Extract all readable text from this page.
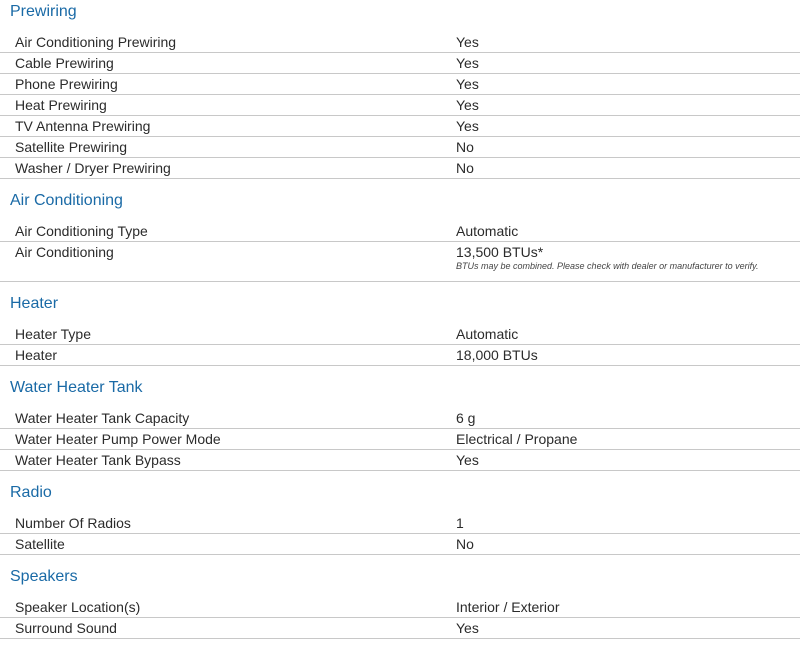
Prewiring
Air Conditioning Prewiring	Yes
Cable Prewiring	Yes
Phone Prewiring	Yes
Heat Prewiring	Yes
TV Antenna Prewiring	Yes
Satellite Prewiring	No
Washer / Dryer Prewiring	No
Air Conditioning
Air Conditioning Type	Automatic
Air Conditioning	13,500 BTUs*
BTUs may be combined. Please check with dealer or manufacturer to verify.
Heater
Heater Type	Automatic
Heater	18,000 BTUs
Water Heater Tank
Water Heater Tank Capacity	6 g
Water Heater Pump Power Mode	Electrical / Propane
Water Heater Tank Bypass	Yes
Radio
Number Of Radios	1
Satellite	No
Speakers
Speaker Location(s)	Interior / Exterior
Surround Sound	Yes
